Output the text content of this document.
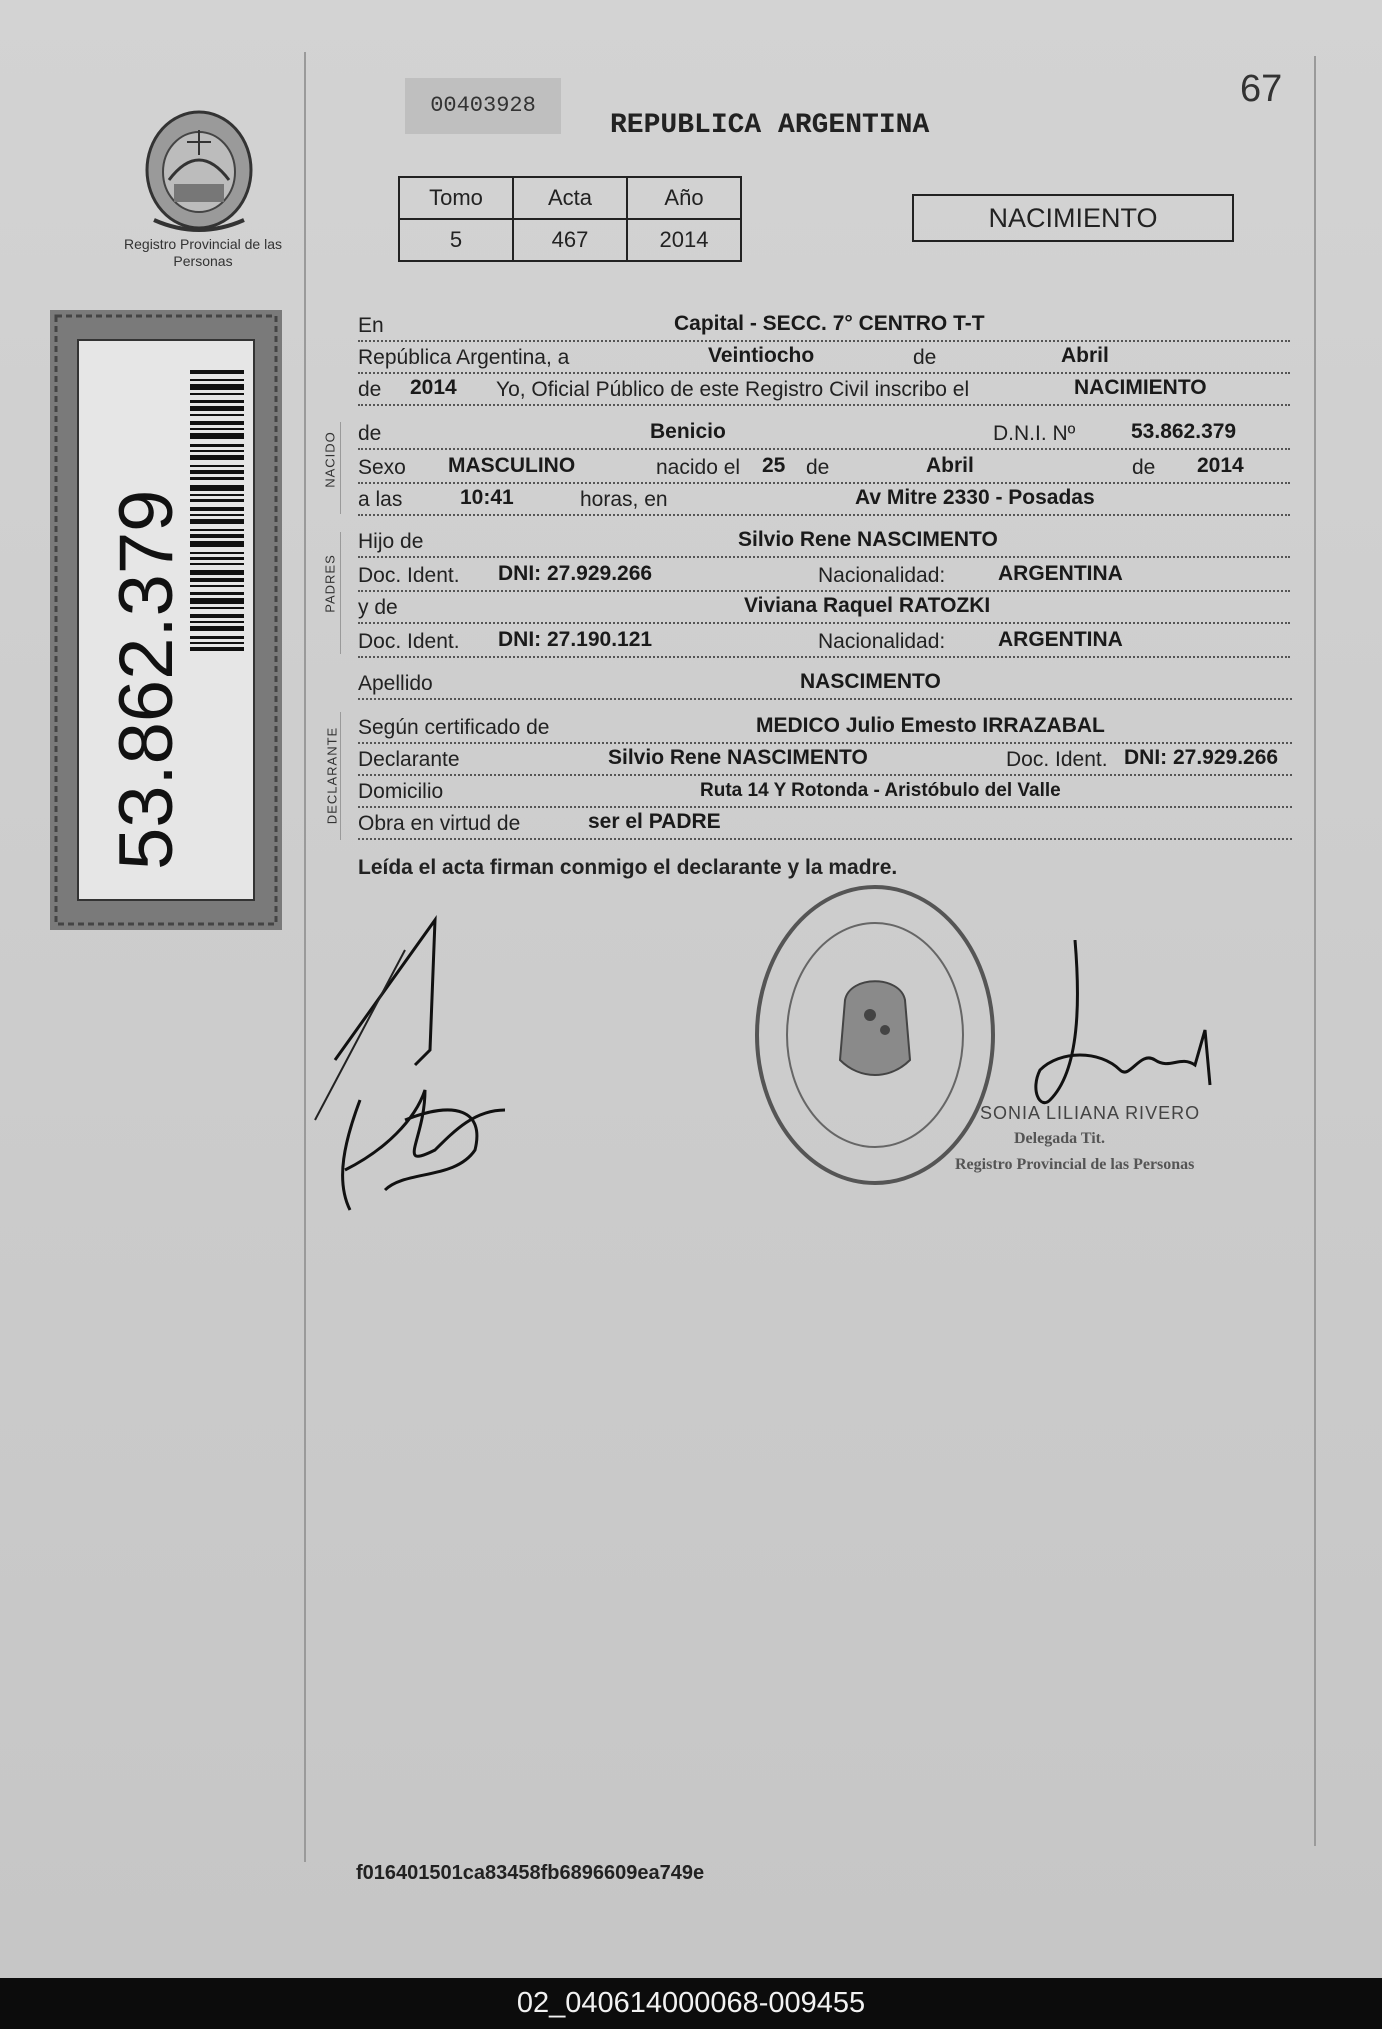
Registro Provincial de las Personas
53.862.379
00403928
REPUBLICA ARGENTINA
67
Tomo	Acta	Año
5	467	2014
NACIMIENTO
NACIDO
PADRES
DECLARANTE
En	Capital - SECC. 7° CENTRO T-T
República Argentina, a	Veintiocho	de	Abril
de 2014 Yo, Oficial Público de este Registro Civil inscribo el	NACIMIENTO
de	Benicio	D.N.I. Nº	53.862.379
Sexo MASCULINO	nacido el 25 de	Abril	de 2014
a las	10:41	horas, en	Av Mitre 2330 - Posadas
Hijo de	Silvio Rene NASCIMENTO
Doc. Ident. DNI: 27.929.266	Nacionalidad:	ARGENTINA
y de	Viviana Raquel RATOZKI
Doc. Ident. DNI: 27.190.121	Nacionalidad:	ARGENTINA
Apellido	NASCIMENTO
Según certificado de	MEDICO Julio Emesto IRRAZABAL
Declarante	Silvio Rene NASCIMENTO	Doc. Ident. DNI: 27.929.266
Domicilio	Ruta 14 Y Rotonda - Aristóbulo del Valle
Obra en virtud de	ser el PADRE
Leída el acta firman conmigo el declarante y la madre.
SONIA LILIANA RIVERO
Delegada Tit.
Registro Provincial de las Personas
f016401501ca83458fb6896609ea749e
02_040614000068-009455
